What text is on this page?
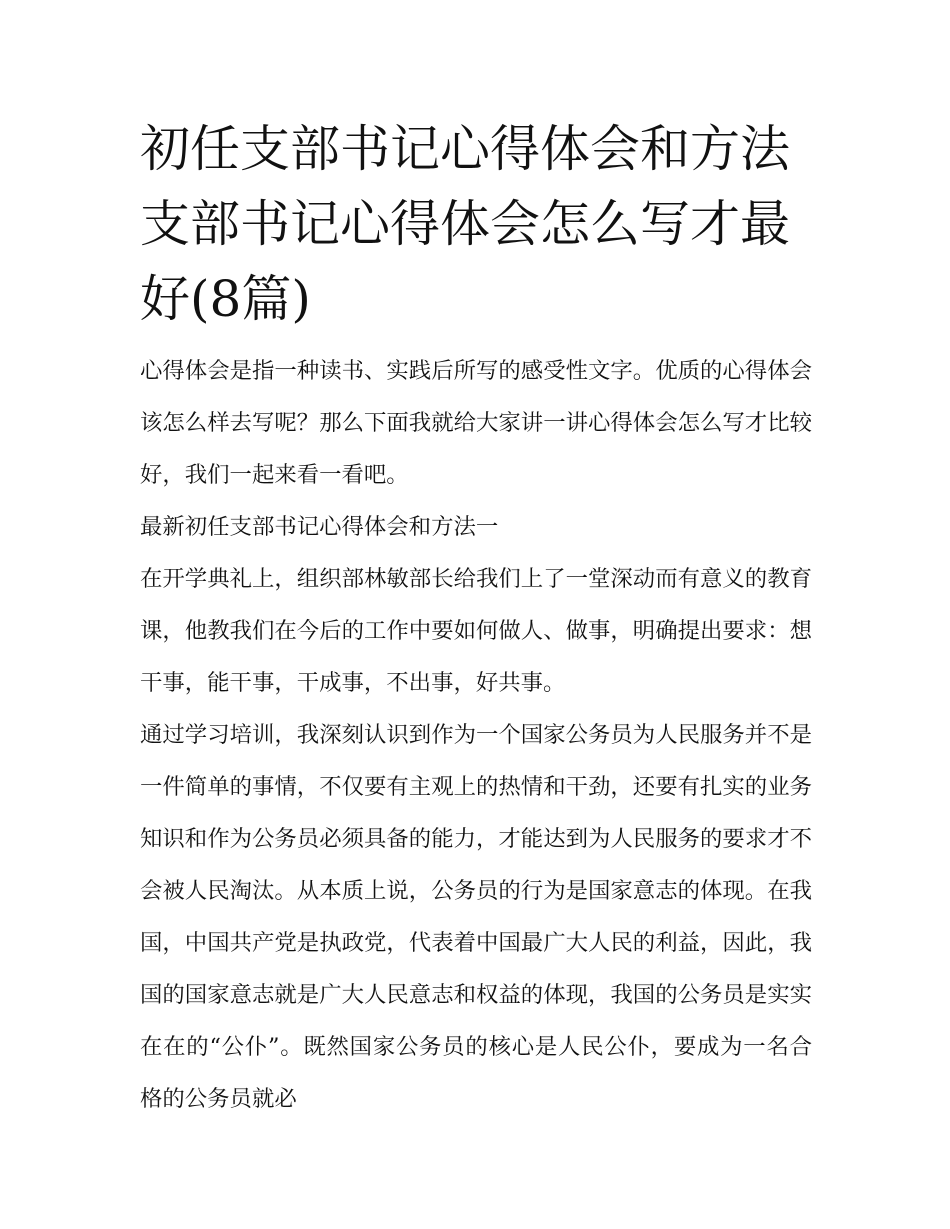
初任支部书记心得体会和方法支部书记心得体会怎么写才最好(8篇)

心得体会是指一种读书、实践后所写的感受性文字。优质的心得体会该怎么样去写呢？那么下面我就给大家讲一讲心得体会怎么写才比较好，我们一起来看一看吧。

最新初任支部书记心得体会和方法一

在开学典礼上，组织部林敏部长给我们上了一堂深动而有意义的教育课，他教我们在今后的工作中要如何做人、做事，明确提出要求：想干事，能干事，干成事，不出事，好共事。

通过学习培训，我深刻认识到作为一个国家公务员为人民服务并不是一件简单的事情，不仅要有主观上的热情和干劲，还要有扎实的业务知识和作为公务员必须具备的能力，才能达到为人民服务的要求才不会被人民淘汰。从本质上说，公务员的行为是国家意志的体现。在我国，中国共产党是执政党，代表着中国最广大人民的利益，因此，我国的国家意志就是广大人民意志和权益的体现，我国的公务员是实实在在的“公仆”。既然国家公务员的核心是人民公仆，要成为一名合格的公务员就必
